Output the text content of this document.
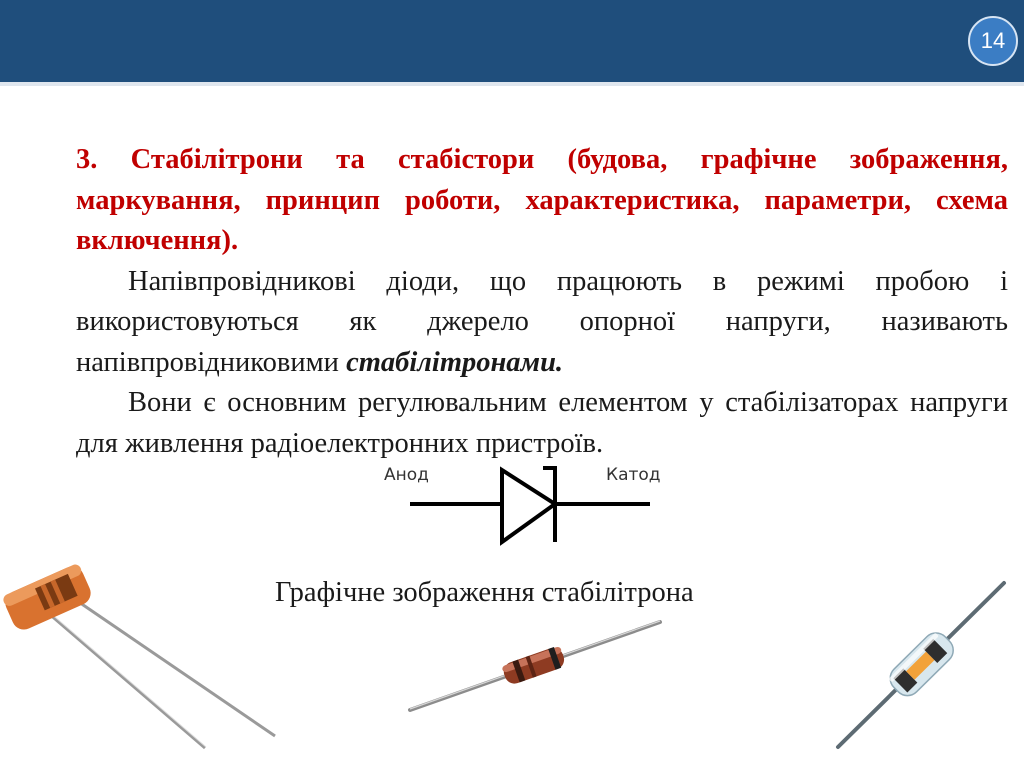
14

3. Стабілітрони та стабістори (будова, графічне зображення, маркування, принцип роботи, характеристика, параметри, схема включення).

Напівпровідникові діоди, що працюють в режимі пробою і використовуються як джерело опорної напруги, називають напівпровідниковими стабілітронами.

Вони є основним регулювальним елементом у стабілізаторах напруги для живлення радіоелектронних пристроїв.

Анод	Катод
Графічне зображення стабілітрона
